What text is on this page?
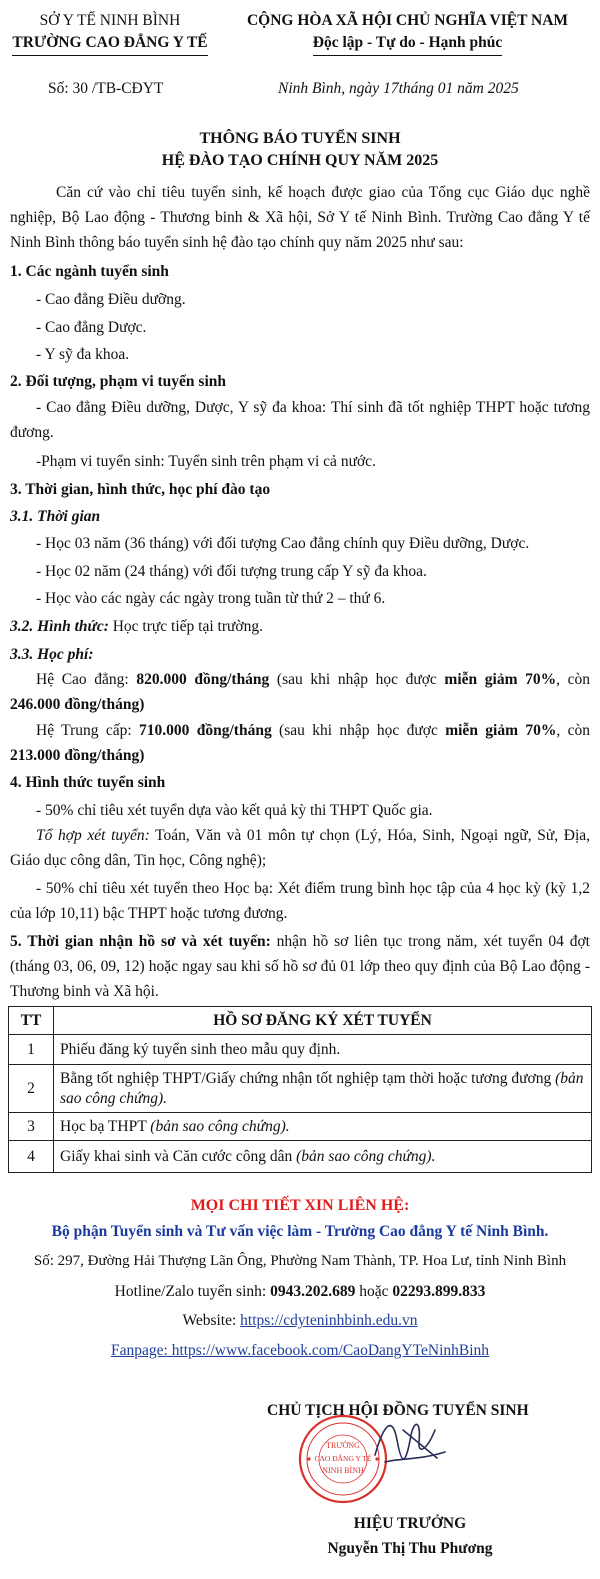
SỞ Y TẾ NINH BÌNH
TRƯỜNG CAO ĐẲNG Y TẾ
CỘNG HÒA XÃ HỘI CHỦ NGHĨA VIỆT NAM
Độc lập - Tự do - Hạnh phúc
Số: 30 /TB-CĐYT	Ninh Bình, ngày 17tháng 01 năm 2025
THÔNG BÁO TUYỂN SINH
HỆ ĐÀO TẠO CHÍNH QUY NĂM 2025
Căn cứ vào chỉ tiêu tuyển sinh, kế hoạch được giao của Tổng cục Giáo dục nghề nghiệp, Bộ Lao động - Thương binh & Xã hội, Sở Y tế Ninh Bình. Trường Cao đẳng Y tế Ninh Bình thông báo tuyển sinh hệ đào tạo chính quy năm 2025 như sau:
1. Các ngành tuyển sinh
- Cao đẳng Điều dưỡng.
- Cao đẳng Dược.
- Y sỹ đa khoa.
2. Đối tượng, phạm vi tuyển sinh
- Cao đẳng Điều dưỡng, Dược, Y sỹ đa khoa: Thí sinh đã tốt nghiệp THPT hoặc tương đương.
-Phạm vi tuyển sinh: Tuyển sinh trên phạm vi cả nước.
3. Thời gian, hình thức, học phí đào tạo
3.1. Thời gian
- Học 03 năm (36 tháng) với đối tượng Cao đẳng chính quy Điều dưỡng, Dược.
- Học 02 năm (24 tháng) với đối tượng trung cấp Y sỹ đa khoa.
- Học vào các ngày các ngày trong tuần từ thứ 2 – thứ 6.
3.2. Hình thức: Học trực tiếp tại trường.
3.3. Học phí:
Hệ Cao đẳng: 820.000 đồng/tháng (sau khi nhập học được miễn giảm 70%, còn 246.000 đồng/tháng)
Hệ Trung cấp: 710.000 đồng/tháng (sau khi nhập học được miễn giảm 70%, còn 213.000 đồng/tháng)
4. Hình thức tuyển sinh
- 50% chỉ tiêu xét tuyển dựa vào kết quả kỳ thi THPT Quốc gia.
Tổ hợp xét tuyển: Toán, Văn và 01 môn tự chọn (Lý, Hóa, Sinh, Ngoại ngữ, Sử, Địa, Giáo dục công dân, Tin học, Công nghệ);
- 50% chỉ tiêu xét tuyển theo Học bạ: Xét điểm trung bình học tập của 4 học kỳ (kỳ 1,2 của lớp 10,11) bậc THPT hoặc tương đương.
5. Thời gian nhận hồ sơ và xét tuyển: nhận hồ sơ liên tục trong năm, xét tuyển 04 đợt (tháng 03, 06, 09, 12) hoặc ngay sau khi số hồ sơ đủ 01 lớp theo quy định của Bộ Lao động - Thương binh và Xã hội.
TT	HỒ SƠ ĐĂNG KÝ XÉT TUYỂN
1	Phiếu đăng ký tuyển sinh theo mẫu quy định.
2	Bằng tốt nghiệp THPT/Giấy chứng nhận tốt nghiệp tạm thời hoặc tương đương (bản sao công chứng).
3	Học bạ THPT (bản sao công chứng).
4	Giấy khai sinh và Căn cước công dân (bản sao công chứng).
MỌI CHI TIẾT XIN LIÊN HỆ:
Bộ phận Tuyển sinh và Tư vấn việc làm - Trường Cao đẳng Y tế Ninh Bình.
Số: 297, Đường Hải Thượng Lãn Ông, Phường Nam Thành, TP. Hoa Lư, tỉnh Ninh Bình
Hotline/Zalo tuyển sinh: 0943.202.689 hoặc 02293.899.833
Website: https://cdyteninhbinh.edu.vn
Fanpage: https://www.facebook.com/CaoDangYTeNinhBinh
CHỦ TỊCH HỘI ĐỒNG TUYỂN SINH
TRƯỜNG
CAO ĐẲNG Y TẾ
NINH BÌNH
HIỆU TRƯỞNG
Nguyễn Thị Thu Phương
